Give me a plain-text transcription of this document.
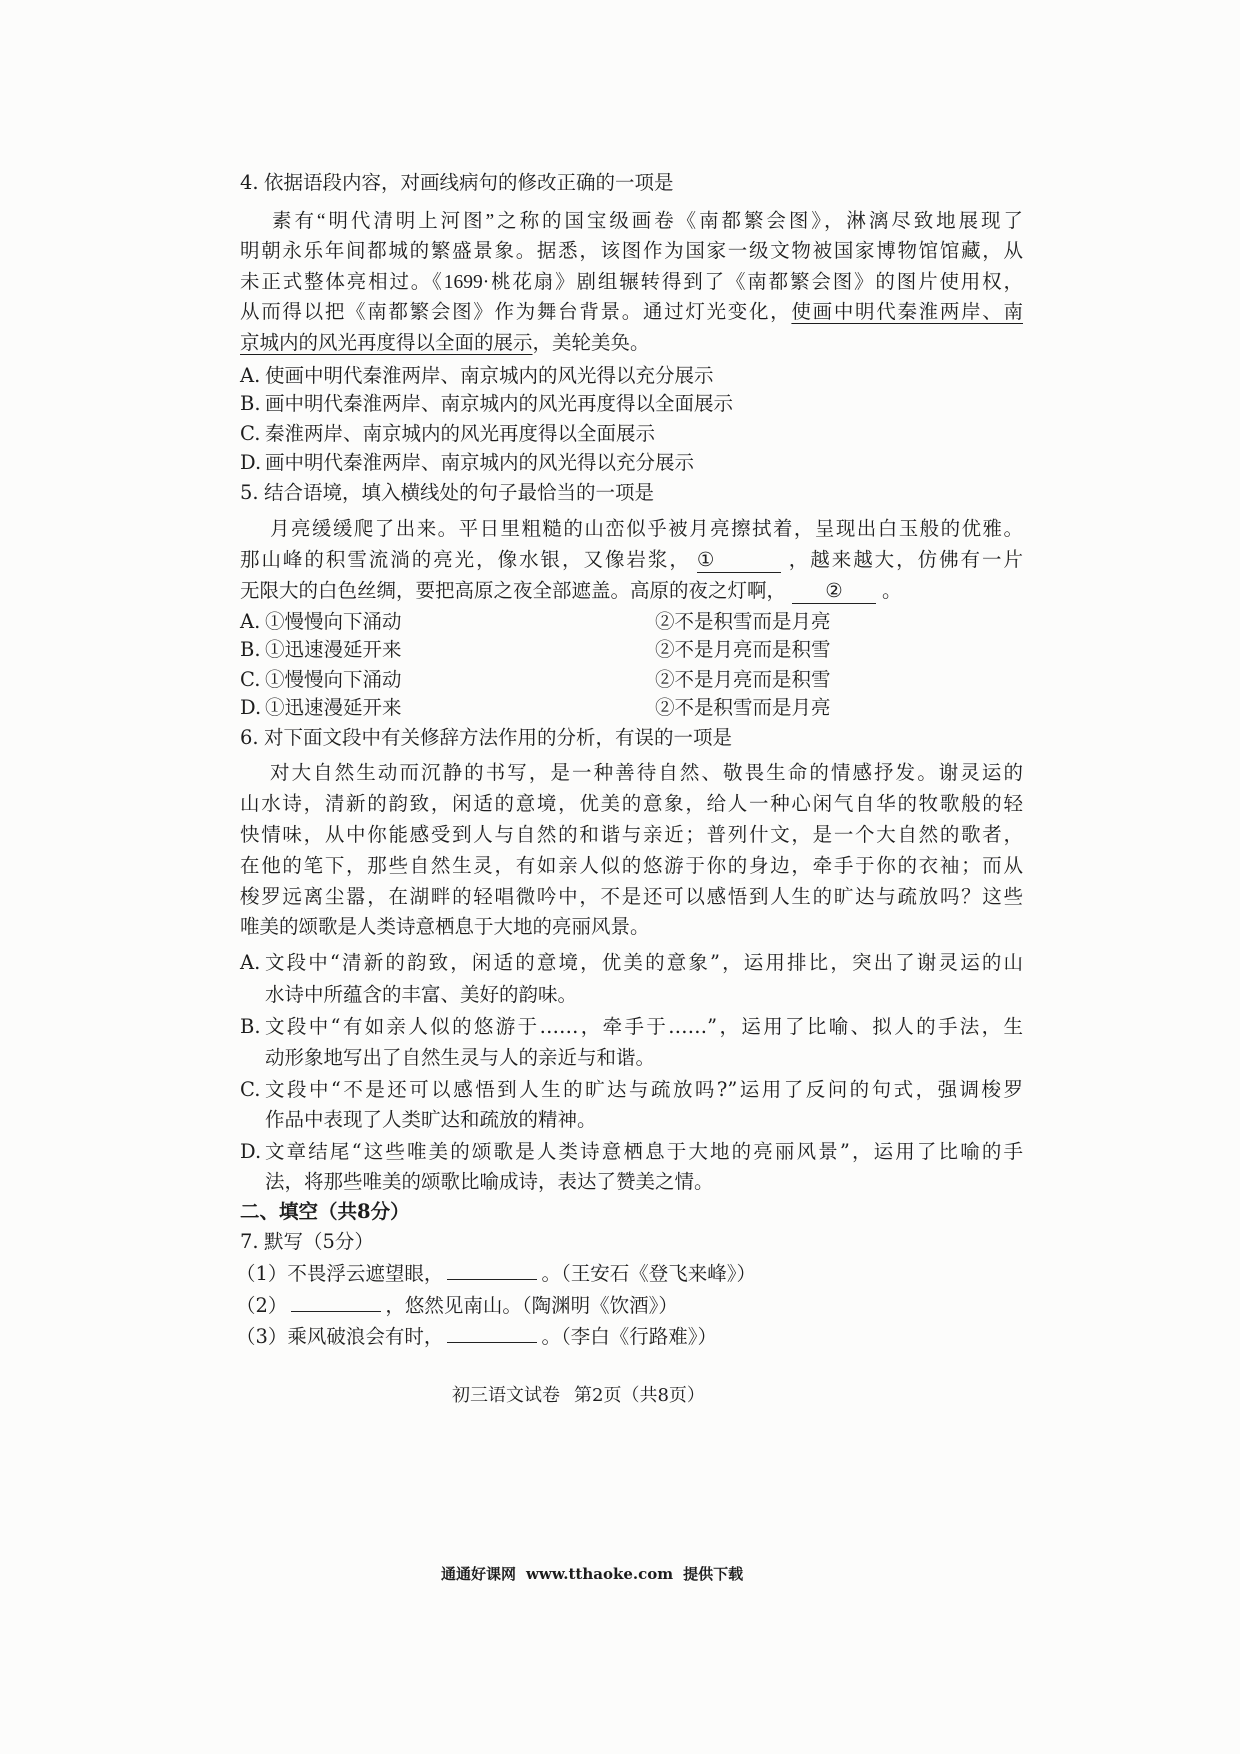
4. 依据语段内容，对画线病句的修改正确的一项是
素有“明代清明上河图”之称的国宝级画卷《南都繁会图》，淋漓尽致地展现了
明朝永乐年间都城的繁盛景象。据悉，该图作为国家一级文物被国家博物馆馆藏，从
未正式整体亮相过。《1699·桃花扇》剧组辗转得到了《南都繁会图》的图片使用权，
从而得以把《南都繁会图》作为舞台背景。通过灯光变化，使画中明代秦淮两岸、南
京城内的风光再度得以全面的展示，美轮美奂。
A. 使画中明代秦淮两岸、南京城内的风光得以充分展示
B. 画中明代秦淮两岸、南京城内的风光再度得以全面展示
C. 秦淮两岸、南京城内的风光再度得以全面展示
D. 画中明代秦淮两岸、南京城内的风光得以充分展示
5. 结合语境，填入横线处的句子最恰当的一项是
月亮缓缓爬了出来。平日里粗糙的山峦似乎被月亮擦拭着，呈现出白玉般的优雅。
那山峰的积雪流淌的亮光，像水银，又像岩浆， ①	，越来越大，仿佛有一片
无限大的白色丝绸，要把高原之夜全部遮盖。高原的夜之灯啊， ② 。
A. ①慢慢向下涌动	②不是积雪而是月亮
B. ①迅速漫延开来	②不是月亮而是积雪
C. ①慢慢向下涌动	②不是月亮而是积雪
D. ①迅速漫延开来	②不是积雪而是月亮
6. 对下面文段中有关修辞方法作用的分析，有误的一项是
对大自然生动而沉静的书写，是一种善待自然、敬畏生命的情感抒发。谢灵运的
山水诗，清新的韵致，闲适的意境，优美的意象，给人一种心闲气自华的牧歌般的轻
快情味，从中你能感受到人与自然的和谐与亲近；普列什文，是一个大自然的歌者，
在他的笔下，那些自然生灵，有如亲人似的悠游于你的身边，牵手于你的衣袖；而从
梭罗远离尘嚣，在湖畔的轻唱微吟中，不是还可以感悟到人生的旷达与疏放吗？这些
唯美的颂歌是人类诗意栖息于大地的亮丽风景。
A. 文段中“清新的韵致，闲适的意境，优美的意象”，运用排比，突出了谢灵运的山
水诗中所蕴含的丰富、美好的韵味。
B. 文段中“有如亲人似的悠游于……，牵手于……”，运用了比喻、拟人的手法，生
动形象地写出了自然生灵与人的亲近与和谐。
C. 文段中“不是还可以感悟到人生的旷达与疏放吗?”运用了反问的句式，强调梭罗
作品中表现了人类旷达和疏放的精神。
D. 文章结尾“这些唯美的颂歌是人类诗意栖息于大地的亮丽风景”，运用了比喻的手
法，将那些唯美的颂歌比喻成诗，表达了赞美之情。
二、填空（共8分）
7. 默写（5分）
（1）不畏浮云遮望眼，	。（王安石《登飞来峰》）
（2）	，悠然见南山。（陶渊明《饮酒》）
（3）乘风破浪会有时，	。（李白《行路难》）
初三语文试卷 第2页（共8页）
通通好课网 www.tthaoke.com 提供下载
